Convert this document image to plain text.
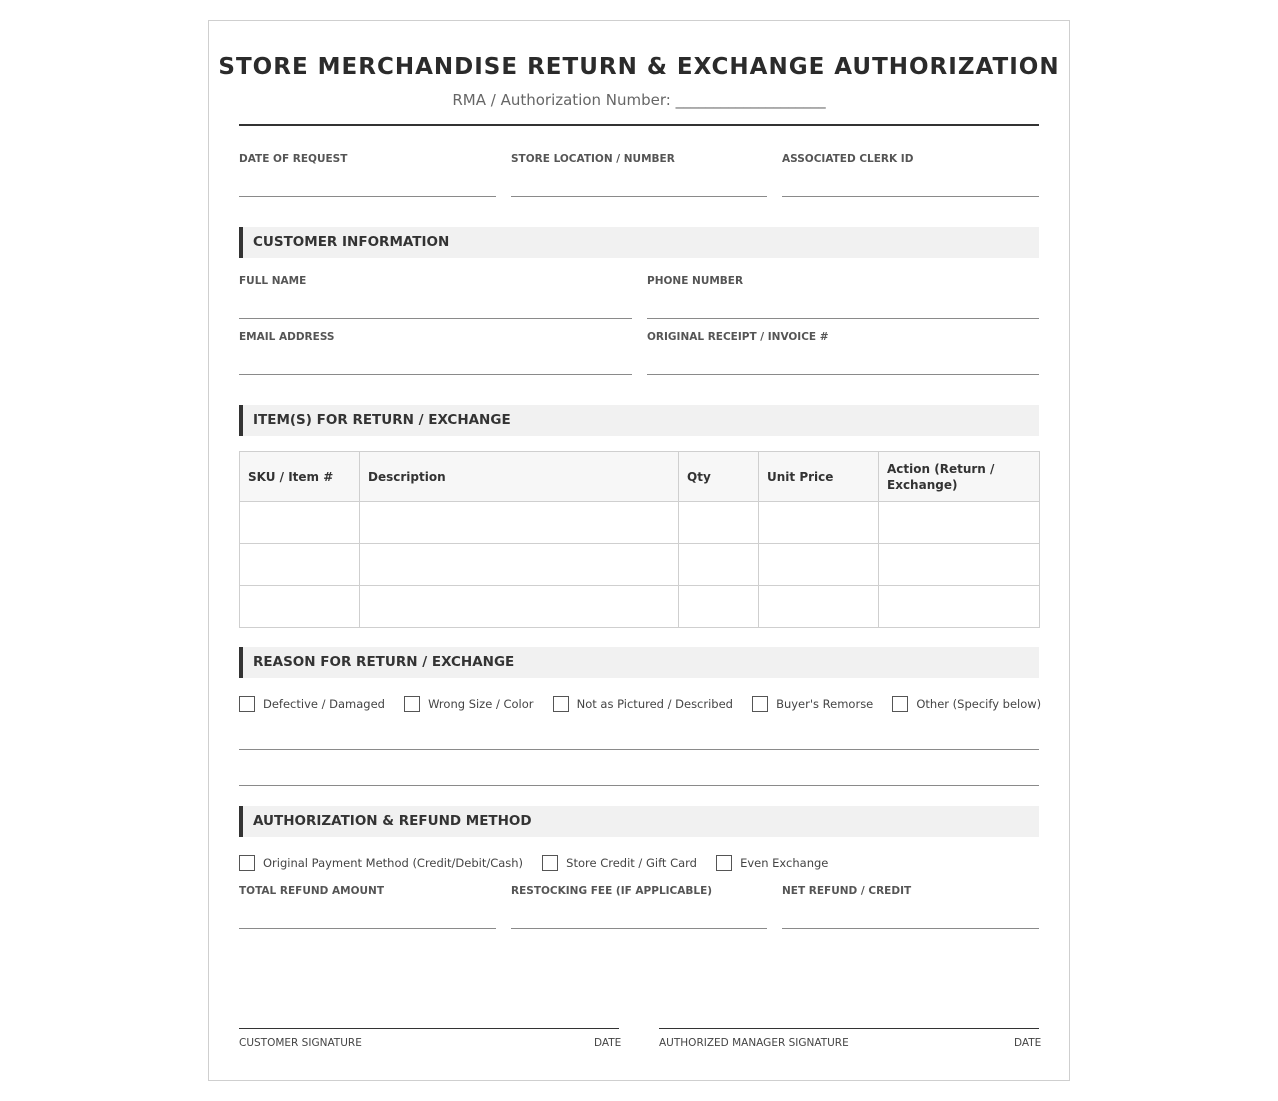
STORE MERCHANDISE RETURN & EXCHANGE AUTHORIZATION
RMA / Authorization Number: ____________________
DATE OF REQUEST	STORE LOCATION / NUMBER	ASSOCIATED CLERK ID
CUSTOMER INFORMATION
FULL NAME	PHONE NUMBER
EMAIL ADDRESS	ORIGINAL RECEIPT / INVOICE #
ITEM(S) FOR RETURN / EXCHANGE
SKU / Item #	Description	Qty	Unit Price	Action (Return / Exchange)

REASON FOR RETURN / EXCHANGE
Defective / Damaged
	Wrong Size / Color
	Not as Pictured / Described
	Buyer's Remorse
	Other (Specify below)
AUTHORIZATION & REFUND METHOD
Original Payment Method (Credit/Debit/Cash)
	Store Credit / Gift Card
	Even Exchange
TOTAL REFUND AMOUNT	RESTOCKING FEE (IF APPLICABLE)	NET REFUND / CREDIT
CUSTOMER SIGNATURE	DATE	AUTHORIZED MANAGER SIGNATURE	DATE
